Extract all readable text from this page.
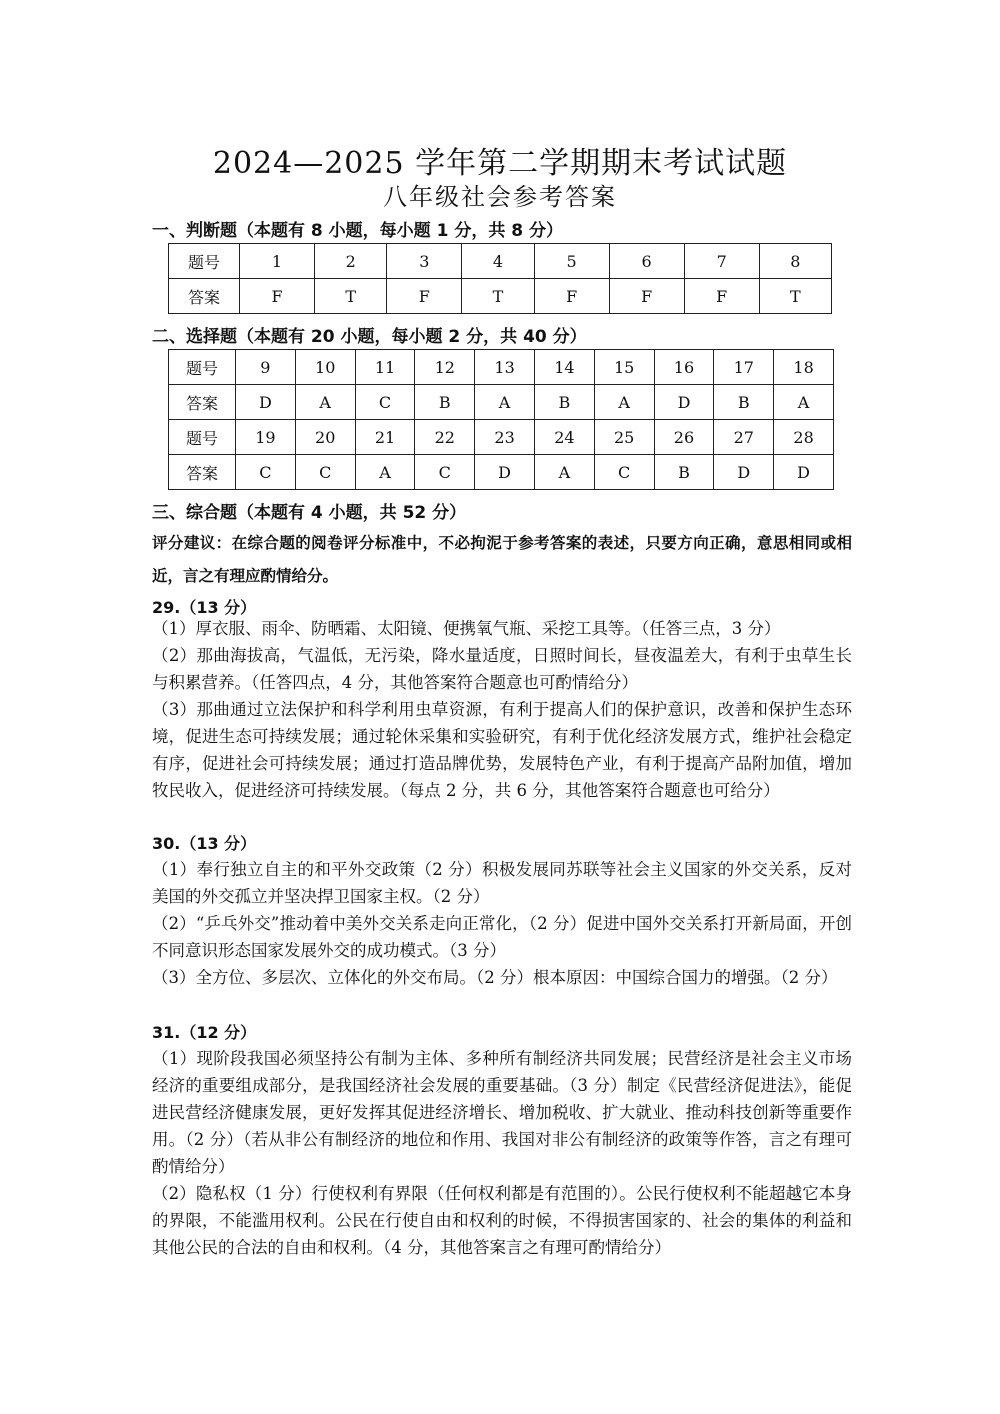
2024—2025 学年第二学期期末考试试题
八年级社会参考答案
一、判断题（本题有 8 小题，每小题 1 分，共 8 分）
题号	1	2	3	4	5	6	7	8
答案	F	T	F	T	F	F	F	T
二、选择题（本题有 20 小题，每小题 2 分，共 40 分）
题号	9	10	11	12	13	14	15	16	17	18
答案	D	A	C	B	A	B	A	D	B	A
题号	19	20	21	22	23	24	25	26	27	28
答案	C	C	A	C	D	A	C	B	D	D
三、综合题（本题有 4 小题，共 52 分）
评分建议：在综合题的阅卷评分标准中，不必拘泥于参考答案的表述，只要方向正确，意思相同或相近，言之有理应酌情给分。
29.（13 分）
（1）厚衣服、雨伞、防晒霜、太阳镜、便携氧气瓶、采挖工具等。（任答三点，3 分）
（2）那曲海拔高，气温低，无污染，降水量适度，日照时间长，昼夜温差大，有利于虫草生长与积累营养。（任答四点，4 分，其他答案符合题意也可酌情给分）
（3）那曲通过立法保护和科学利用虫草资源，有利于提高人们的保护意识，改善和保护生态环境，促进生态可持续发展；通过轮休采集和实验研究，有利于优化经济发展方式，维护社会稳定有序，促进社会可持续发展；通过打造品牌优势，发展特色产业，有利于提高产品附加值，增加牧民收入，促进经济可持续发展。（每点 2 分，共 6 分，其他答案符合题意也可给分）
30.（13 分）
（1）奉行独立自主的和平外交政策（2 分）积极发展同苏联等社会主义国家的外交关系，反对美国的外交孤立并坚决捍卫国家主权。（2 分）
（2）“乒乓外交”推动着中美外交关系走向正常化，（2 分）促进中国外交关系打开新局面，开创不同意识形态国家发展外交的成功模式。（3 分）
（3）全方位、多层次、立体化的外交布局。（2 分）根本原因：中国综合国力的增强。（2 分）
31.（12 分）
（1）现阶段我国必须坚持公有制为主体、多种所有制经济共同发展；民营经济是社会主义市场经济的重要组成部分，是我国经济社会发展的重要基础。（3 分）制定《民营经济促进法》，能促进民营经济健康发展，更好发挥其促进经济增长、增加税收、扩大就业、推动科技创新等重要作用。（2 分）（若从非公有制经济的地位和作用、我国对非公有制经济的政策等作答，言之有理可酌情给分）
（2）隐私权（1 分）行使权利有界限（任何权利都是有范围的）。公民行使权利不能超越它本身的界限，不能滥用权利。公民在行使自由和权利的时候，不得损害国家的、社会的集体的利益和其他公民的合法的自由和权利。（4 分，其他答案言之有理可酌情给分）
